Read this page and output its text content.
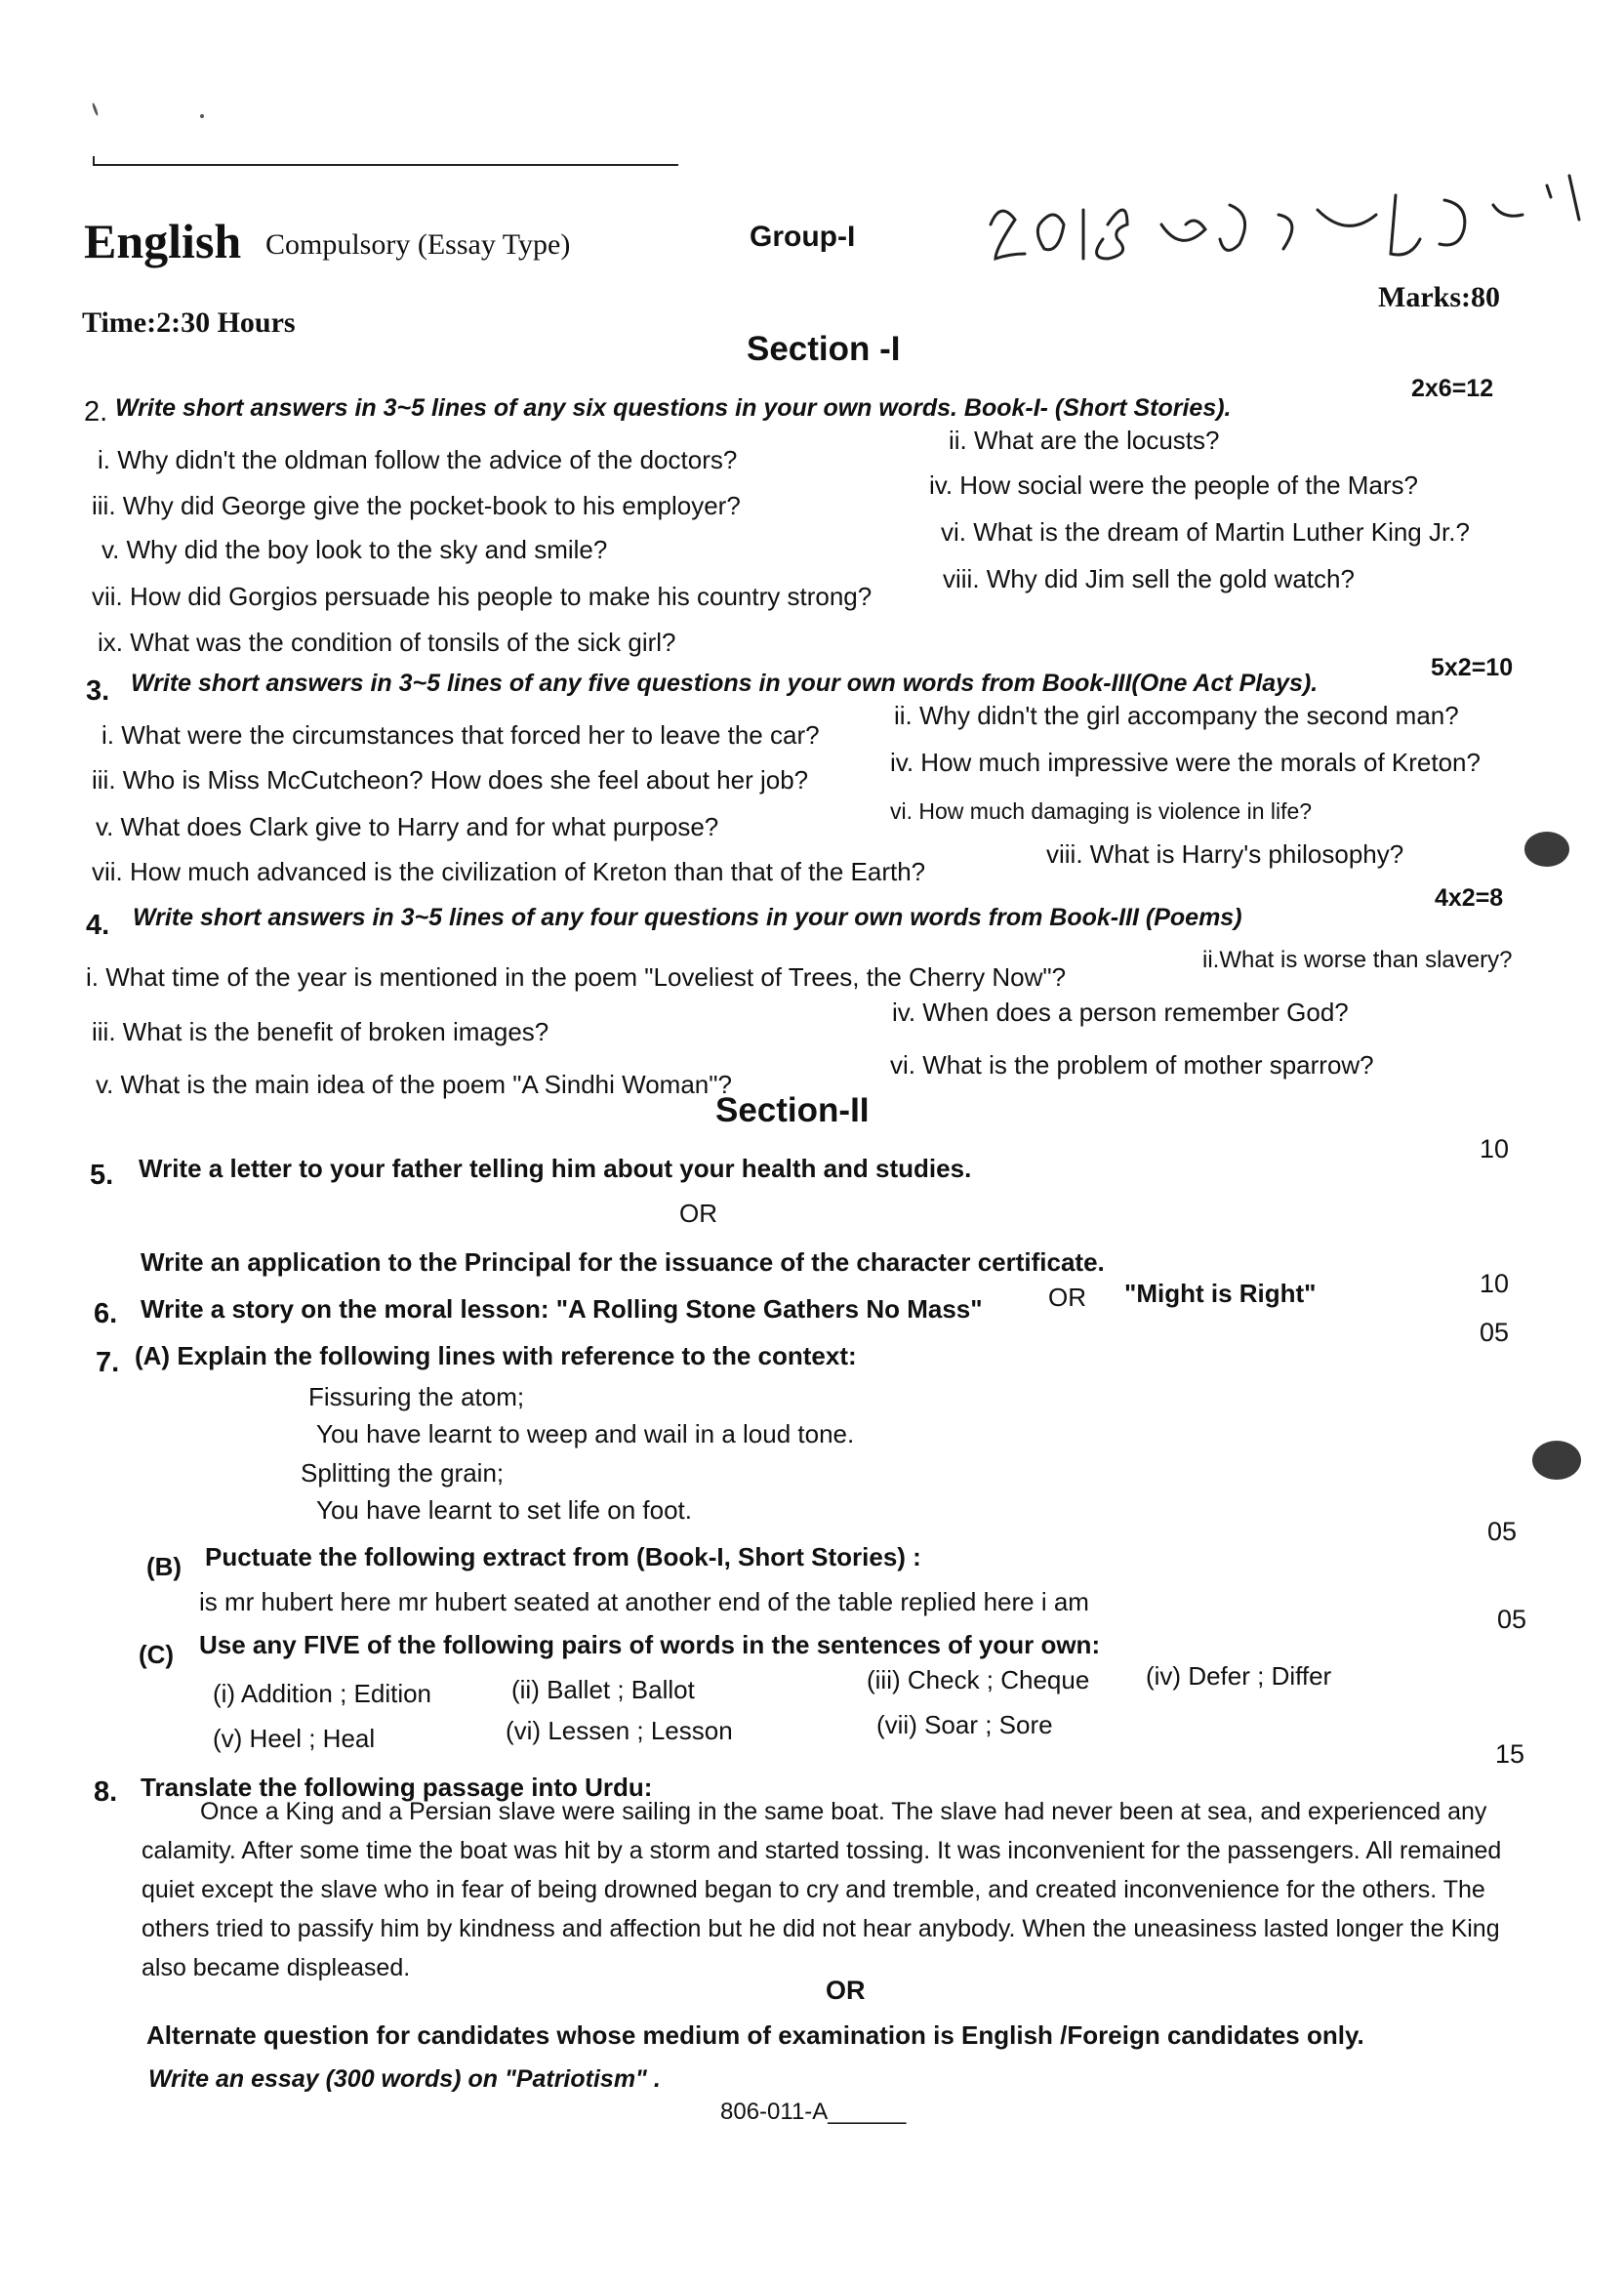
English Compulsory (Essay Type)	Group-I
Time:2:30 Hours
Marks:80
Section -I
2. Write short answers in 3~5 lines of any six questions in your own words. Book-I- (Short Stories).
2x6=12
i. Why didn't the oldman follow the advice of the doctors?
ii. What are the locusts?
iii. Why did George give the pocket-book to his employer?
iv. How social were the people of the Mars?
v. Why did the boy look to the sky and smile?
vi. What is the dream of Martin Luther King Jr.?
vii. How did Gorgios persuade his people to make his country strong?
viii. Why did Jim sell the gold watch?
ix. What was the condition of tonsils of the sick girl?
3. Write short answers in 3~5 lines of any five questions in your own words from Book-III(One Act Plays).
5x2=10
i. What were the circumstances that forced her to leave the car?
ii. Why didn't the girl accompany the second man?
iii. Who is Miss McCutcheon? How does she feel about her job?
iv. How much impressive were the morals of Kreton?
v. What does Clark give to Harry and for what purpose?
vi. How much damaging is violence in life?
vii. How much advanced is the civilization of Kreton than that of the Earth?
viii. What is Harry's philosophy?
4. Write short answers in 3~5 lines of any four questions in your own words from Book-III (Poems)
4x2=8
i. What time of the year is mentioned in the poem "Loveliest of Trees, the Cherry Now"?
ii.What is worse than slavery?
iii. What is the benefit of broken images?
iv. When does a person remember God?
v. What is the main idea of the poem "A Sindhi Woman"?
vi. What is the problem of mother sparrow?
Section-II
5. Write a letter to your father telling him about your health and studies.
10
OR
Write an application to the Principal for the issuance of the character certificate.
6. Write a story on the moral lesson: "A Rolling Stone Gathers No Mass"	OR "Might is Right"	10
7. (A) Explain the following lines with reference to the context:
05
Fissuring the atom;
You have learnt to weep and wail in a loud tone.
Splitting the grain;
You have learnt to set life on foot.
(B) Puctuate the following extract from (Book-I, Short Stories) :
05
is mr hubert here mr hubert seated at another end of the table replied here i am
(C) Use any FIVE of the following pairs of words in the sentences of your own:
05
(i) Addition ; Edition	(ii) Ballet ; Ballot	(iii) Check ; Cheque (iv) Defer ; Differ
(v) Heel ; Heal	(vi) Lessen ; Lesson	(vii) Soar ; Sore
8. Translate the following passage into Urdu:
15
Once a King and a Persian slave were sailing in the same boat. The slave had never been at sea, and experienced any calamity. After some time the boat was hit by a storm and started tossing. It was inconvenient for the passengers. All remained quiet except the slave who in fear of being drowned began to cry and tremble, and created inconvenience for the others. The others tried to passify him by kindness and affection but he did not hear anybody. When the uneasiness lasted longer the King also became displeased.
OR
Alternate question for candidates whose medium of examination is English /Foreign candidates only.
Write an essay (300 words) on "Patriotism" .
806-011-A______
